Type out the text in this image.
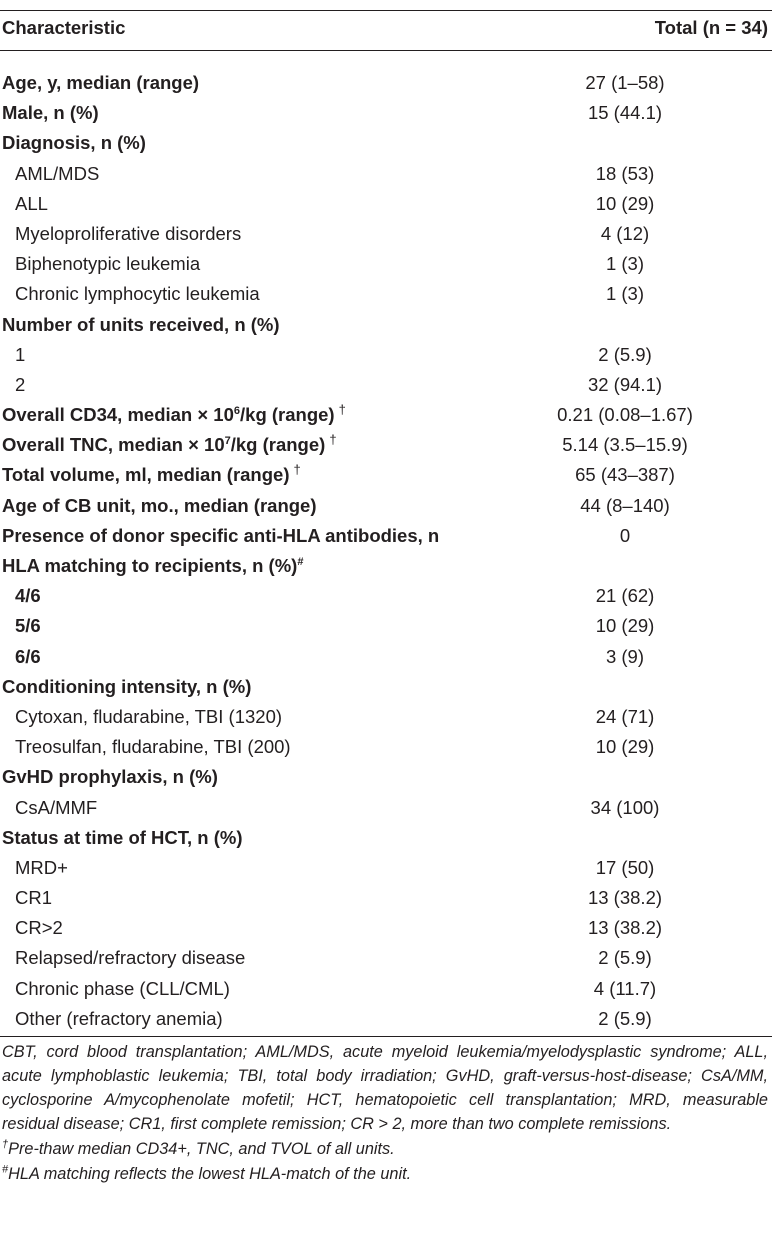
Characteristic	Total (n = 34)
Age, y, median (range)	27 (1–58)
Male, n (%)	15 (44.1)
Diagnosis, n (%)
AML/MDS	18 (53)
ALL	10 (29)
Myeloproliferative disorders	4 (12)
Biphenotypic leukemia	1 (3)
Chronic lymphocytic leukemia	1 (3)
Number of units received, n (%)
1	2 (5.9)
2	32 (94.1)
Overall CD34, median × $10^6/kg$ (range) †	0.21 (0.08–1.67)
Overall TNC, median × $10^7/kg$ (range) †	5.14 (3.5–15.9)
Total volume, ml, median (range) †	65 (43–387)
Age of CB unit, mo., median (range)	44 (8–140)
Presence of donor specific anti-HLA antibodies, n	0
HLA matching to recipients, n (%)#
4/6	21 (62)
5/6	10 (29)
6/6	3 (9)
Conditioning intensity, n (%)
Cytoxan, fludarabine, TBI (1320)	24 (71)
Treosulfan, fludarabine, TBI (200)	10 (29)
GvHD prophylaxis, n (%)
CsA/MMF	34 (100)
Status at time of HCT, n (%)
MRD+	17 (50)
CR1	13 (38.2)
CR>2	13 (38.2)
Relapsed/refractory disease	2 (5.9)
Chronic phase (CLL/CML)	4 (11.7)
Other (refractory anemia)	2 (5.9)
CBT, cord blood transplantation; AML/MDS, acute myeloid leukemia/myelodysplastic syndrome; ALL, acute lymphoblastic leukemia; TBI, total body irradiation; GvHD, graft-versus-host-disease; CsA/MM, cyclosporine A/mycophenolate mofetil; HCT, hematopoietic cell transplantation; MRD, measurable residual disease; CR1, first complete remission; CR > 2, more than two complete remissions.
†Pre-thaw median CD34+, TNC, and TVOL of all units.
#HLA matching reflects the lowest HLA-match of the unit.
